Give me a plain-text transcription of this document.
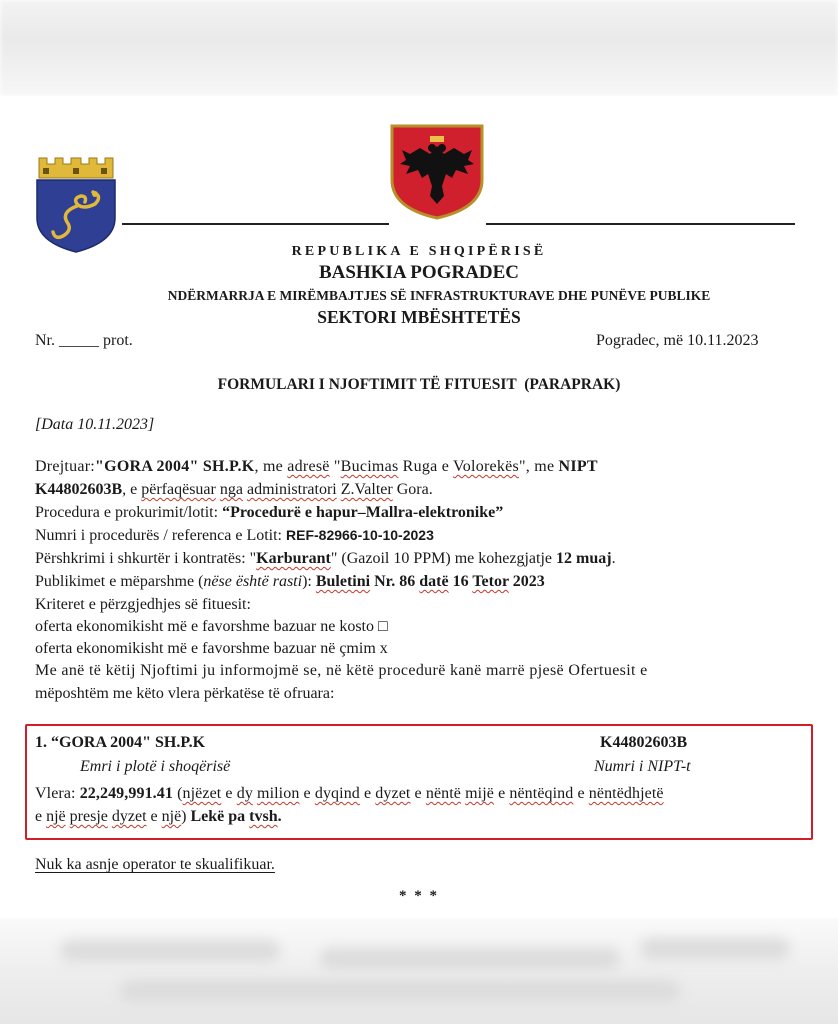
REPUBLIKA E SHQIPËRISË
BASHKIA POGRADEC
NDËRMARRJA E MIRËMBAJTJES SË INFRASTRUKTURAVE DHE PUNËVE PUBLIKE
SEKTORI MBËSHTETËS
Nr. _____ prot.	Pogradec, më 10.11.2023
FORMULARI I NJOFTIMIT TË FITUESIT  (PARAPRAK)
[Data 10.11.2023]
Drejtuar:"GORA 2004" SH.P.K, me adresë "Bucimas Ruga e Volorekës", me NIPT
K44802603B, e përfaqësuar nga administratori Z.Valter Gora.
Procedura e prokurimit/lotit: “Procedurë e hapur–Mallra-elektronike”
Numri i procedurës / referenca e Lotit: REF-82966-10-10-2023
Përshkrimi i shkurtër i kontratës: "Karburant" (Gazoil 10 PPM) me kohezgjatje 12 muaj.
Publikimet e mëparshme (nëse është rasti): Buletini Nr. 86 datë 16 Tetor 2023
Kriteret e përzgjedhjes së fituesit:
oferta ekonomikisht më e favorshme bazuar ne kosto □
oferta ekonomikisht më e favorshme bazuar në çmim x
Me anë të këtij Njoftimi ju informojmë se, në këtë procedurë kanë marrë pjesë Ofertuesit e
mëposhtëm me këto vlera përkatëse të ofruara:
1. “GORA 2004" SH.P.K	K44802603B
Emri i plotë i shoqërisë	Numri i NIPT-t
Vlera: 22,249,991.41 (njëzet e dy milion e dyqind e dyzet e nëntë mijë e nëntëqind e nëntëdhjetë
e një presje dyzet e një) Lekë pa tvsh.
Nuk ka asnje operator te skualifikuar.
* * *
